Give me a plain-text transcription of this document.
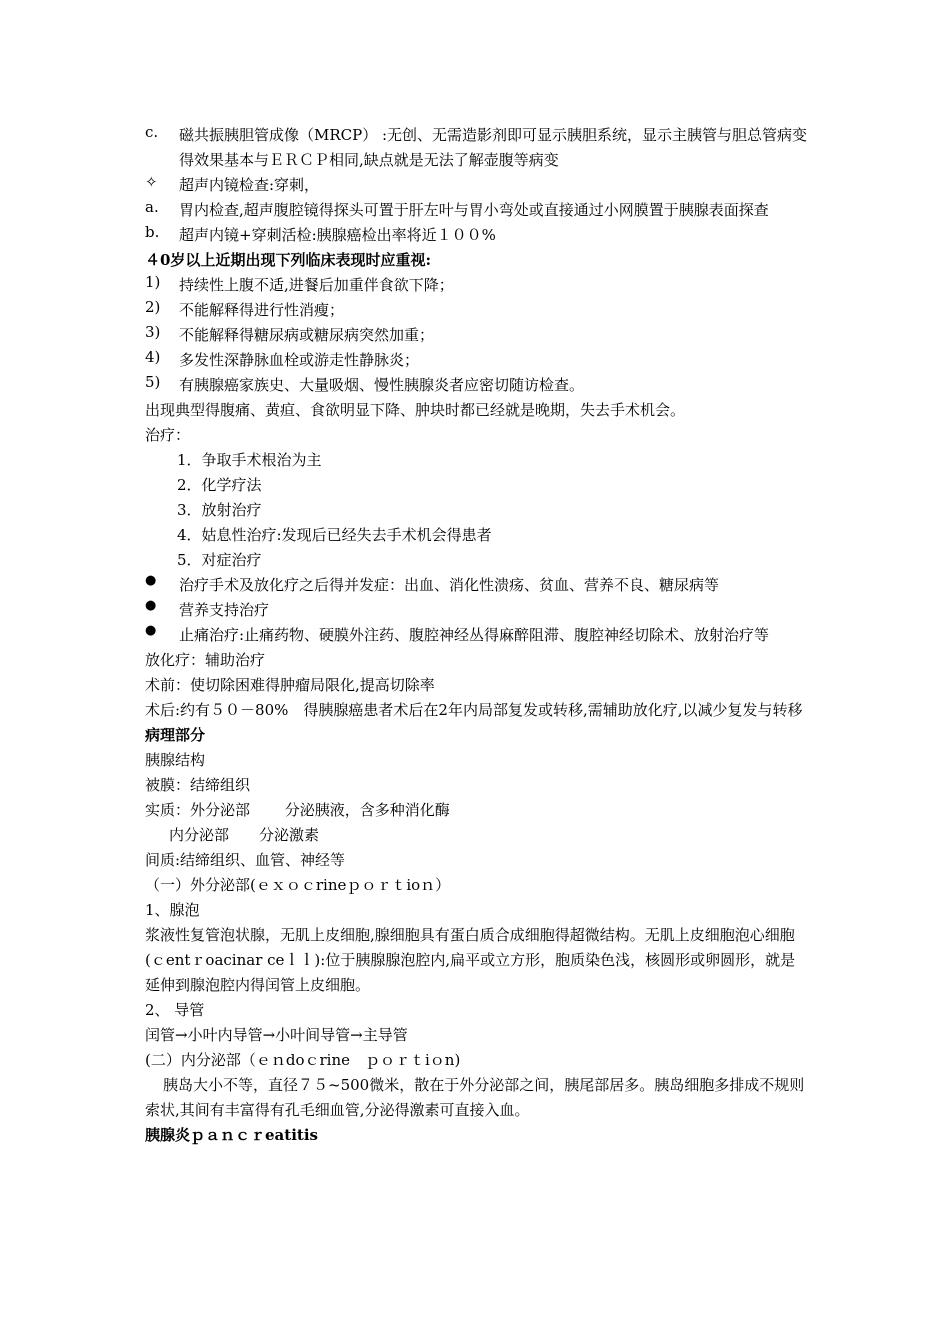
c.	磁共振胰胆管成像（MRCP） :无创、无需造影剂即可显示胰胆系统，显示主胰管与胆总管病变得效果基本与ＥＲＣＰ相同,缺点就是无法了解壶腹等病变
✧	超声内镜检查:穿刺，
a.	胃内检查,超声腹腔镜得探头可置于肝左叶与胃小弯处或直接通过小网膜置于胰腺表面探查
b.	超声内镜+穿刺活检:胰腺癌检出率将近１００%
４0岁以上近期出现下列临床表现时应重视:
1)	持续性上腹不适,进餐后加重伴食欲下降；
2)	不能解释得进行性消瘦；
3)	不能解释得糖尿病或糖尿病突然加重；
4)	多发性深静脉血栓或游走性静脉炎；
5)	有胰腺癌家族史、大量吸烟、慢性胰腺炎者应密切随访检查。
出现典型得腹痛、黄疸、食欲明显下降、肿块时都已经就是晚期，失去手术机会。
治疗：
1．争取手术根治为主
2．化学疗法
3．放射治疗
4．姑息性治疗:发现后已经失去手术机会得患者
5．对症治疗
●	治疗手术及放化疗之后得并发症：出血、消化性溃疡、贫血、营养不良、糖尿病等
●	营养支持治疗
●	止痛治疗:止痛药物、硬膜外注药、腹腔神经丛得麻醉阻滞、腹腔神经切除术、放射治疗等
放化疗：辅助治疗
术前：使切除困难得肿瘤局限化,提高切除率
术后:约有５０－80%　得胰腺癌患者术后在2年内局部复发或转移,需辅助放化疗,以减少复发与转移
病理部分
胰腺结构
被膜：结缔组织
实质：外分泌部　　 分泌胰液，含多种消化酶
内分泌部　　分泌激素
间质:结缔组织、血管、神经等
（一）外分泌部(ｅｘｏｃrineｐｏｒｔioｎ）
1、腺泡
浆液性复管泡状腺，无肌上皮细胞,腺细胞具有蛋白质合成细胞得超微结构。无肌上皮细胞泡心细胞(ｃentｒoacinar ceｌｌ):位于胰腺腺泡腔内,扁平或立方形，胞质染色浅，核圆形或卵圆形，就是延伸到腺泡腔内得闰管上皮细胞。
2、 导管
闰管→小叶内导管→小叶间导管→主导管
(二）内分泌部（ｅｎdoｃrine　ｐｏｒｔiｏn)
胰岛大小不等，直径７５~500微米，散在于外分泌部之间，胰尾部居多。胰岛细胞多排成不规则索状,其间有丰富得有孔毛细血管,分泌得激素可直接入血。
胰腺炎ｐａｎｃｒeatitis
